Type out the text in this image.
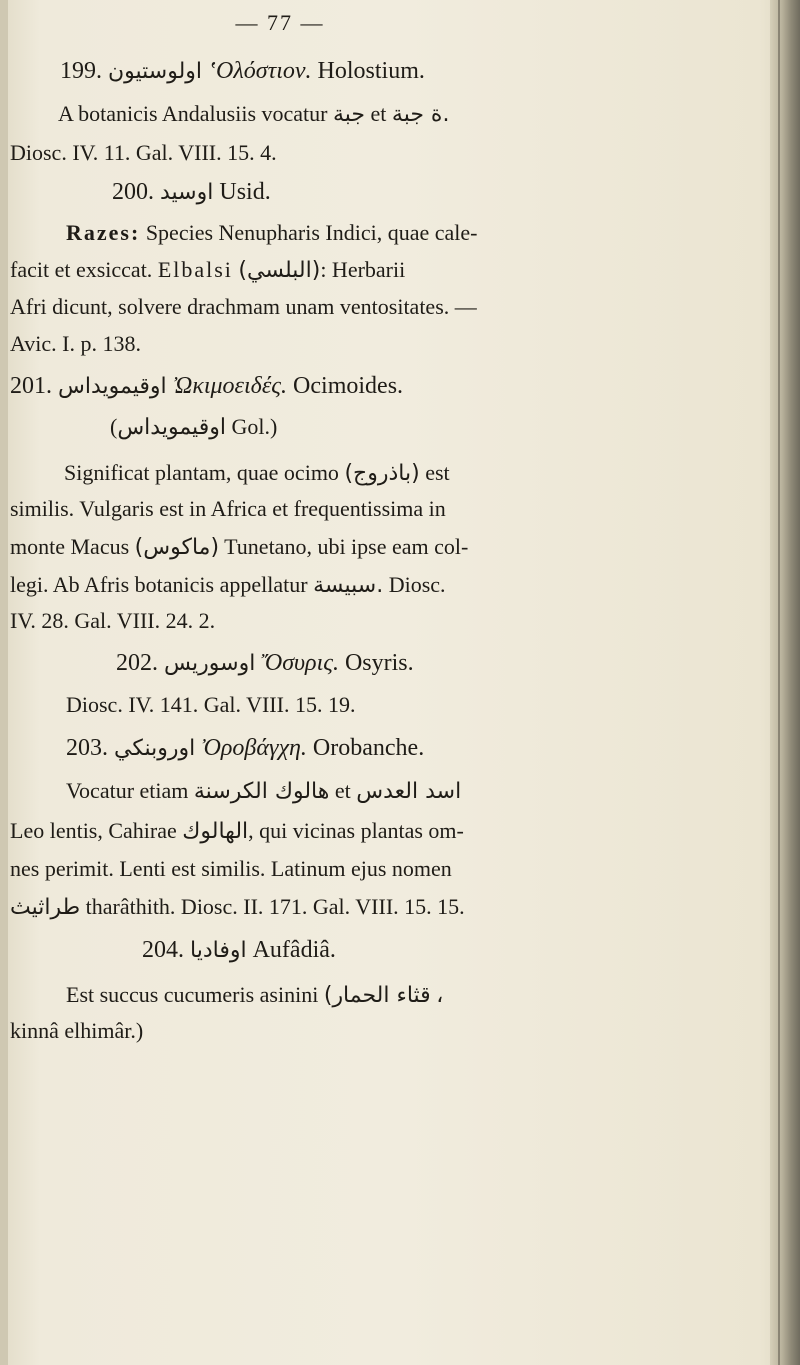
— 77 —
199. اولوستيون ʽΟλόστιον. Holostium.
A botanicis Andalusiis vocatur جبة et ة جبة.
Diosc. IV. 11. Gal. VIII. 15. 4.
200. اوسيد Usid.
Razes: Species Nenupharis Indici, quae cale-
facit et exsiccat. Elbalsi (البلسي): Herbarii
Afri dicunt, solvere drachmam unam ventositates. —
Avic. I. p. 138.
201. اوقيمويداس Ὠκιμοειδές. Ocimoides.
(اوقيمويداس Gol.)
Significat plantam, quae ocimo (باذروج) est
similis. Vulgaris est in Africa et frequentissima in
monte Macus (ماكوس) Tunetano, ubi ipse eam col-
legi. Ab Afris botanicis appellatur سبيسة. Diosc.
IV. 28. Gal. VIII. 24. 2.
202. اوسوريس Ὄσυρις. Osyris.
Diosc. IV. 141. Gal. VIII. 15. 19.
203. اوروبنكي Ὀροβάγχη. Orobanche.
Vocatur etiam هالوك الكرسنة et اسد العدس
Leo lentis, Cahirae الهالوك, qui vicinas plantas om-
nes perimit. Lenti est similis. Latinum ejus nomen
طراثيث tharâthith. Diosc. II. 171. Gal. VIII. 15. 15.
204. اوفاديا Aufâdiâ.
Est succus cucumeris asinini (قثاء الحمار ،
kinnâ elhimâr.)
